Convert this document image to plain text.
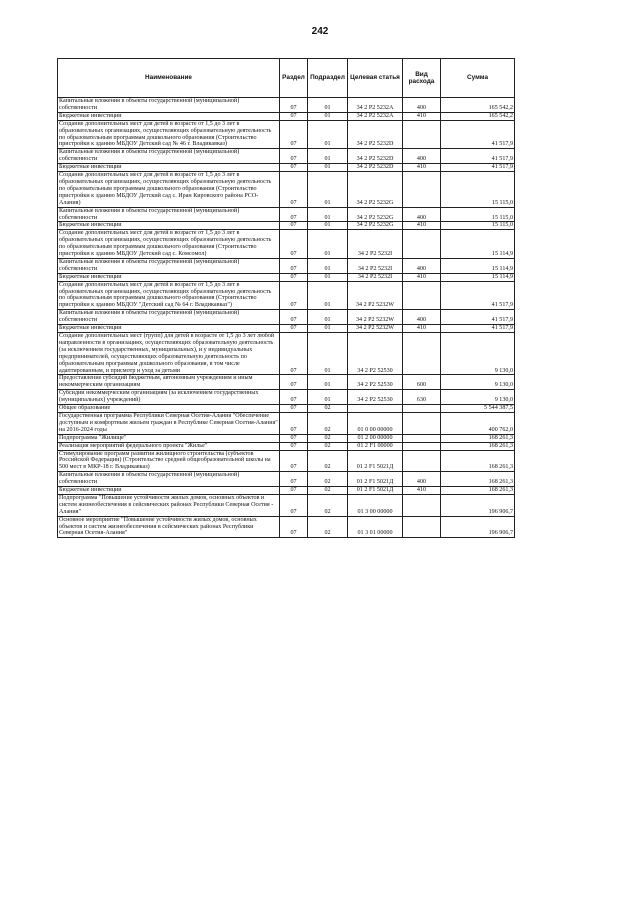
242
Наименование	Раздел	Подраздел	Целевая статья	Вид расхода	Сумма
Капитальные вложения в объекты государственной (муниципальной) собственности	07	01	34 2 P2 5232A	400	165 542,2
Бюджетные инвестиции	07	01	34 2 P2 5232A	410	165 542,2
Создание дополнительных мест для детей в возрасте от 1,5 до 3 лет в образовательных организациях, осуществляющих образовательную деятельность по образовательным программам дошкольного образования (Строительство пристройки к зданию МБДОУ Детский сад № 46 г. Владикавказ)	07	01	34 2 P2 5232D		41 517,9
Капитальные вложения в объекты государственной (муниципальной) собственности	07	01	34 2 P2 5232D	400	41 517,9
Бюджетные инвестиции	07	01	34 2 P2 5232D	410	41 517,9
Создание дополнительных мест для детей в возрасте от 1,5 до 3 лет в образовательных организациях, осуществляющих образовательную деятельность по образовательным программам дошкольного образования (Строительство пристройки к зданию МБДОУ Детский сад с. Иран Кировского района РСО-Алания)	07	01	34 2 P2 5232G		15 115,0
Капитальные вложения в объекты государственной (муниципальной) собственности	07	01	34 2 P2 5232G	400	15 115,0
Бюджетные инвестиции	07	01	34 2 P2 5232G	410	15 115,0
Создание дополнительных мест для детей в возрасте от 1,5 до 3 лет в образовательных организациях, осуществляющих образовательную деятельность по образовательным программам дошкольного образования (Строительство пристройки к зданию МБДОУ Детский сад с. Комсомол)	07	01	34 2 P2 5232I		15 114,9
Капитальные вложения в объекты государственной (муниципальной) собственности	07	01	34 2 P2 5232I	400	15 114,9
Бюджетные инвестиции	07	01	34 2 P2 5232I	410	15 114,9
Создание дополнительных мест для детей в возрасте от 1,5 до 3 лет в образовательных организациях, осуществляющих образовательную деятельность по образовательным программам дошкольного образования (Строительство пристройки к зданию МБДОУ "Детский сад № 64 г. Владикавказ")	07	01	34 2 P2 5232W		41 517,9
Капитальные вложения в объекты государственной (муниципальной) собственности	07	01	34 2 P2 5232W	400	41 517,9
Бюджетные инвестиции	07	01	34 2 P2 5232W	410	41 517,9
Создание дополнительных мест (групп) для детей в возрасте от 1,5 до 3 лет любой направленности в организациях, осуществляющих образовательную деятельность (за исключением государственных, муниципальных), и у индивидуальных предпринимателей, осуществляющих образовательную деятельность по образовательным программам дошкольного образования, в том числе адаптированным, и присмотр и уход за детьми	07	01	34 2 P2 52530		9 130,0
Предоставление субсидий бюджетным, автономным учреждениям и иным некоммерческим организациям	07	01	34 2 P2 52530	600	9 130,0
Субсидии некоммерческим организациям (за исключением государственных (муниципальных) учреждений)	07	01	34 2 P2 52530	630	9 130,0
Общее образование	07	02			5 544 387,5
Государственная программа Республики Северная Осетия-Алания "Обеспечение доступным и комфортным жильем граждан в Республике Северная Осетия-Алания" на 2016-2024 годы	07	02	01 0 00 00000		400 762,0
Подпрограмма "Жилище"	07	02	01 2 00 00000		168 261,3
Реализация мероприятий федерального проекта "Жилье"	07	02	01 2 F1 00000		168 261,3
Стимулирование программ развития жилищного строительства (субъектов Российской Федерации) (Строительство средней общеобразовательной школы на 500 мест в МКР-18 г. Владикавказ)	07	02	01 2 F1 5021Д		168 261,3
Капитальные вложения в объекты государственной (муниципальной) собственности	07	02	01 2 F1 5021Д	400	168 261,3
Бюджетные инвестиции	07	02	01 2 F1 5021Д	410	168 261,3
Подпрограмма "Повышение устойчивости жилых домов, основных объектов и систем жизнеобеспечения в сейсмических районах Республики Северная Осетия - Алания"	07	02	01 3 00 00000		196 906,7
Основное мероприятие "Повышение устойчивости жилых домов, основных объектов и систем жизнеобеспечения в сейсмических районах Республики Северная Осетия-Алания"	07	02	01 3 01 00000		196 906,7
